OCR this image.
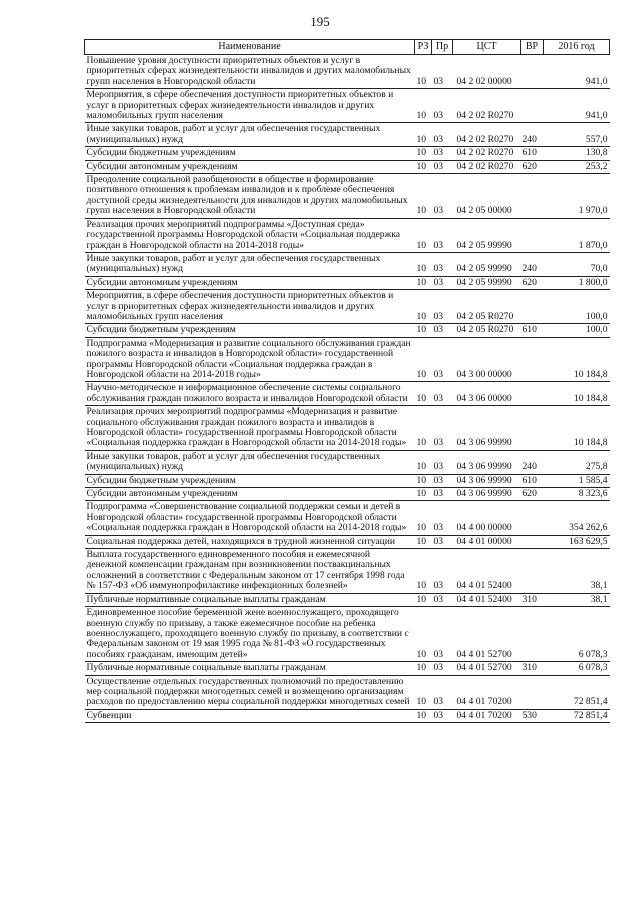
195
Наименование	РЗ	Пр	ЦСТ	ВР	2016 год
Повышение уровня доступности приоритетных объектов и услуг в приоритетных сферах жизнедеятельности инвалидов и других маломобильных групп населения в Новгородской области	10	03	04 2 02 00000		941,0
Мероприятия, в сфере обеспечения доступности приоритетных объектов и услуг в приоритетных сферах жизнедеятельности инвалидов и других маломобильных групп населения	10	03	04 2 02 R0270		941,0
Иные закупки товаров, работ и услуг для обеспечения государственных (муниципальных) нужд	10	03	04 2 02 R0270	240	557,0
Субсидии бюджетным учреждениям	10	03	04 2 02 R0270	610	130,8
Субсидии автономным учреждениям	10	03	04 2 02 R0270	620	253,2
Преодоление социальной разобщенности в обществе и формирование позитивного отношения к проблемам инвалидов и к проблеме обеспечения доступной среды жизнедеятельности для инвалидов и других маломобильных групп населения в Новгородской области	10	03	04 2 05 00000		1 970,0
Реализация прочих мероприятий подпрограммы «Доступная среда» государственной программы Новгородской области «Социальная поддержка граждан в Новгородской области на 2014-2018 годы»	10	03	04 2 05 99990		1 870,0
Иные закупки товаров, работ и услуг для обеспечения государственных (муниципальных) нужд	10	03	04 2 05 99990	240	70,0
Субсидии автономным учреждениям	10	03	04 2 05 99990	620	1 800,0
Мероприятия, в сфере обеспечения доступности приоритетных объектов и услуг в приоритетных сферах жизнедеятельности инвалидов и других маломобильных групп населения	10	03	04 2 05 R0270		100,0
Субсидии бюджетным учреждениям	10	03	04 2 05 R0270	610	100,0
Подпрограмма «Модернизация и развитие социального обслуживания граждан пожилого возраста и инвалидов в Новгородской области» государственной программы Новгородской области «Социальная поддержка граждан в Новгородской области на 2014-2018 годы»	10	03	04 3 00 00000		10 184,8
Научно-методическое и информационное обеспечение системы социального обслуживания граждан пожилого возраста и инвалидов Новгородской области	10	03	04 3 06 00000		10 184,8
Реализация прочих мероприятий подпрограммы «Модернизация и развитие социального обслуживания граждан пожилого возраста и инвалидов в Новгородской области» государственной программы Новгородской области «Социальная поддержка граждан в Новгородской области на 2014-2018 годы»	10	03	04 3 06 99990		10 184,8
Иные закупки товаров, работ и услуг для обеспечения государственных (муниципальных) нужд	10	03	04 3 06 99990	240	275,8
Субсидии бюджетным учреждениям	10	03	04 3 06 99990	610	1 585,4
Субсидии автономным учреждениям	10	03	04 3 06 99990	620	8 323,6
Подпрограмма «Совершенствование социальной поддержки семьи и детей в Новгородской области» государственной программы Новгородской области «Социальная поддержка граждан в Новгородской области на 2014-2018 годы»	10	03	04 4 00 00000		354 262,6
Социальная поддержка детей, находящихся в трудной жизненной ситуации	10	03	04 4 01 00000		163 629,5
Выплата государственного единовременного пособия и ежемесячной денежной компенсации гражданам при возникновении поствакцинальных осложнений в соответствии с Федеральным законом от 17 сентября 1998 года № 157-ФЗ «Об иммунопрофилактике инфекционных болезней»	10	03	04 4 01 52400		38,1
Публичные нормативные социальные выплаты гражданам	10	03	04 4 01 52400	310	38,1
Единовременное пособие беременной жене военнослужащего, проходящего военную службу по призыву, а также ежемесячное пособие на ребенка военнослужащего, проходящего военную службу по призыву, в соответствии с Федеральным законом от 19 мая 1995 года № 81-ФЗ «О государственных пособиях гражданам, имеющим детей»	10	03	04 4 01 52700		6 078,3
Публичные нормативные социальные выплаты гражданам	10	03	04 4 01 52700	310	6 078,3
Осуществление отдельных государственных полномочий по предоставлению мер социальной поддержки многодетных семей и возмещению организациям расходов по предоставлению меры социальной поддержки многодетных семей	10	03	04 4 01 70200		72 851,4
Субвенции	10	03	04 4 01 70200	530	72 851,4
